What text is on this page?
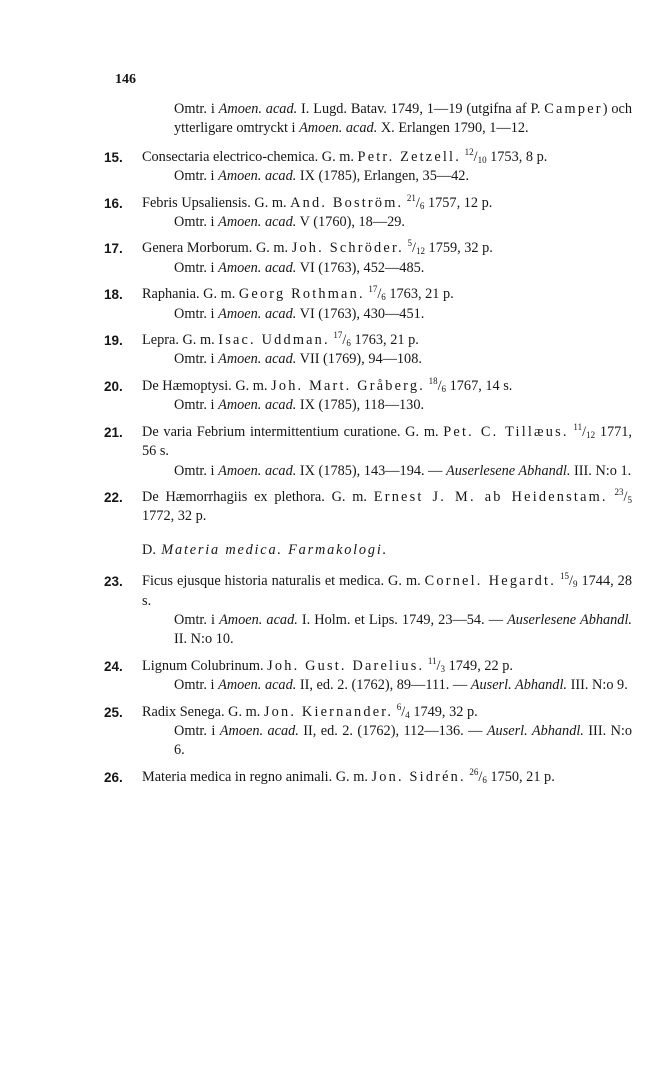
146
Omtr. i Amoen. acad. I. Lugd. Batav. 1749, 1—19 (utgifna af P. Camper) och ytterligare omtryckt i Amoen. acad. X. Erlangen 1790, 1—12.
15. Consectaria electrico-chemica. G. m. Petr. Zetzell. $^{12}/_{10}$ 1753, 8 p.
Omtr. i Amoen. acad. IX (1785), Erlangen, 35—42.
16. Febris Upsaliensis. G. m. And. Boström. $^{21}/_6$ 1757, 12 p.
Omtr. i Amoen. acad. V (1760), 18—29.
17. Genera Morborum. G. m. Joh. Schröder. $^5/_{12}$ 1759, 32 p.
Omtr. i Amoen. acad. VI (1763), 452—485.
18. Raphania. G. m. Georg Rothman. $^{17}/_6$ 1763, 21 p.
Omtr. i Amoen. acad. VI (1763), 430—451.
19. Lepra. G. m. Isac. Uddman. $^{17}/_6$ 1763, 21 p.
Omtr. i Amoen. acad. VII (1769), 94—108.
20. De Hæmoptysi. G. m. Joh. Mart. Gråberg. $^{18}/_6$ 1767, 14 s.
Omtr. i Amoen. acad. IX (1785), 118—130.
21. De varia Febrium intermittentium curatione. G. m. Pet. C. Tillæus. $^{11}/_{12}$ 1771, 56 s.
Omtr. i Amoen. acad. IX (1785), 143—194. — Auserlesene Abhandl. III. N:o 1.
22. De Hæmorrhagiis ex plethora. G. m. Ernest J. M. ab Heidenstam. $^{23}/_5$ 1772, 32 p.
D. Materia medica. Farmakologi.
23. Ficus ejusque historia naturalis et medica. G. m. Cornel. Hegardt. $^{15}/_9$ 1744, 28 s.
Omtr. i Amoen. acad. I. Holm. et Lips. 1749, 23—54. — Auserlesene Abhandl. II. N:o 10.
24. Lignum Colubrinum. Joh. Gust. Darelius. $^{11}/_3$ 1749, 22 p.
Omtr. i Amoen. acad. II, ed. 2. (1762), 89—111. — Auserl. Abhandl. III. N:o 9.
25. Radix Senega. G. m. Jon. Kiernander. $^6/_4$ 1749, 32 p.
Omtr. i Amoen. acad. II, ed. 2. (1762), 112—136. — Auserl. Abhandl. III. N:o 6.
26. Materia medica in regno animali. G. m. Jon. Sidrén. $^{26}/_6$ 1750, 21 p.
